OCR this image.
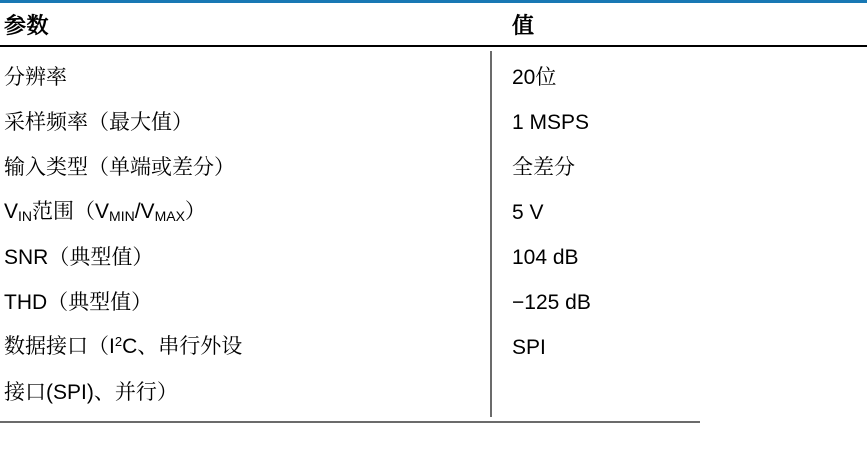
参数	值
分辨率	20位
采样频率（最大值）	1 MSPS
输入类型（单端或差分）	全差分
$V_{IN}$范围$(V_{MIN}/V_{MAX})$	5 V
SNR（典型值）	104 dB
THD（典型值）	−125 dB
数据接口（$I^2C$、串行外设	SPI
接口(SPI)、并行）
